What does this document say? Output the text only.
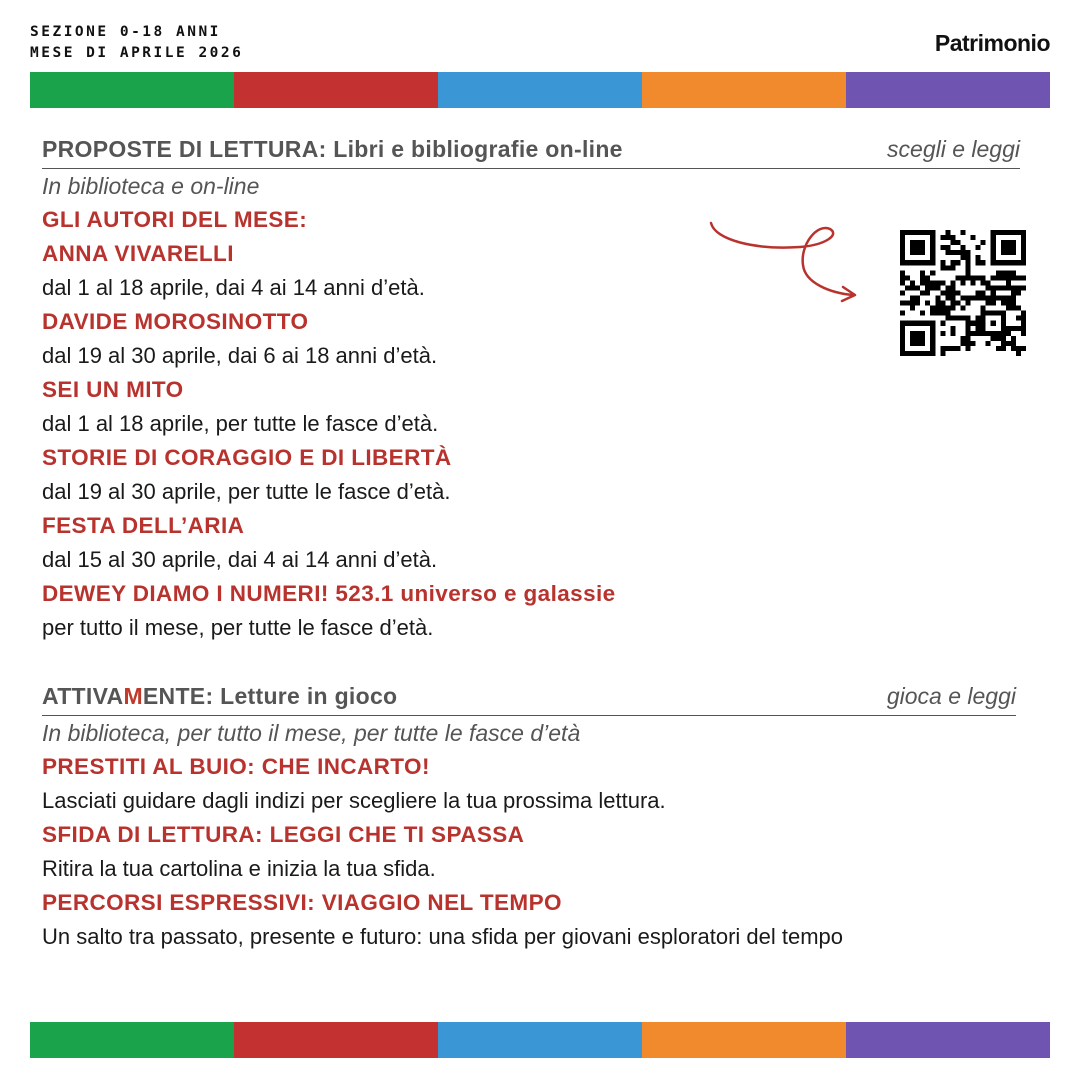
SEZIONE 0-18 ANNI
MESE DI APRILE 2026	Patrimonio
PROPOSTE DI LETTURA: Libri e bibliografie on-line	scegli e leggi
In biblioteca e on-line
GLI AUTORI DEL MESE:
ANNA VIVARELLI
dal 1 al 18 aprile, dai 4 ai 14 anni d’età.
DAVIDE MOROSINOTTO
dal 19 al 30 aprile, dai 6 ai 18 anni d’età.
SEI UN MITO
dal 1 al 18 aprile, per tutte le fasce d’età.
STORIE DI CORAGGIO E DI LIBERTÀ
dal 19 al 30 aprile, per tutte le fasce d’età.
FESTA DELL’ARIA
dal 15 al 30 aprile, dai 4 ai 14 anni d’età.
DEWEY DIAMO I NUMERI! 523.1 universo e galassie
per tutto il mese, per tutte le fasce d’età.
ATTIVAMENTE: Letture in gioco	gioca e leggi
In biblioteca, per tutto il mese, per tutte le fasce d’età
PRESTITI AL BUIO: CHE INCARTO!
Lasciati guidare dagli indizi per scegliere la tua prossima lettura.
SFIDA DI LETTURA: LEGGI CHE TI SPASSA
Ritira la tua cartolina e inizia la tua sfida.
PERCORSI ESPRESSIVI: VIAGGIO NEL TEMPO
Un salto tra passato, presente e futuro: una sfida per giovani esploratori del tempo
